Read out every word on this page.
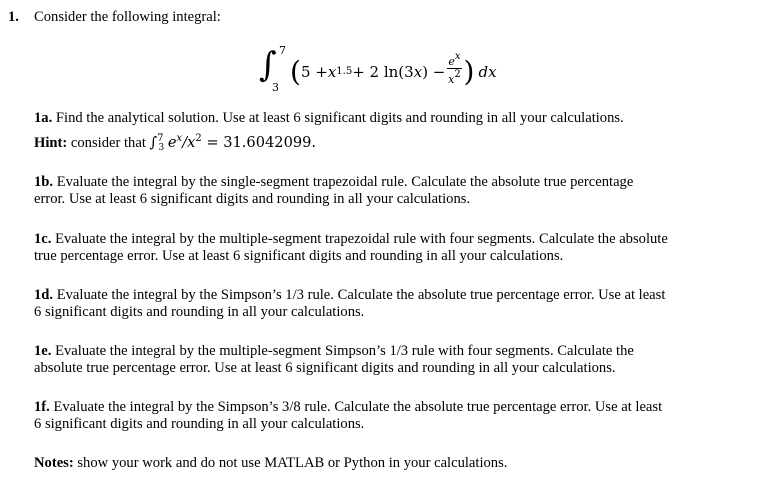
1. Consider the following integral:
∫ 7
3 ( 5 + x 1.5 + 2 ln(3 x ) − $\frac{e^x}{x^2}$ ) dx
1a. Find the analytical solution. Use at least 6 significant digits and rounding in all your calculations.
Hint: consider that ∫$^7_3$ $e^x/x^2 = 31.6042099$.
1b. Evaluate the integral by the single-segment trapezoidal rule. Calculate the absolute true percentage
error. Use at least 6 significant digits and rounding in all your calculations.
1c. Evaluate the integral by the multiple-segment trapezoidal rule with four segments. Calculate the absolute
true percentage error. Use at least 6 significant digits and rounding in all your calculations.
1d. Evaluate the integral by the Simpson’s 1/3 rule. Calculate the absolute true percentage error. Use at least
6 significant digits and rounding in all your calculations.
1e. Evaluate the integral by the multiple-segment Simpson’s 1/3 rule with four segments. Calculate the
absolute true percentage error. Use at least 6 significant digits and rounding in all your calculations.
1f. Evaluate the integral by the Simpson’s 3/8 rule. Calculate the absolute true percentage error. Use at least
6 significant digits and rounding in all your calculations.
Notes: show your work and do not use MATLAB or Python in your calculations.
